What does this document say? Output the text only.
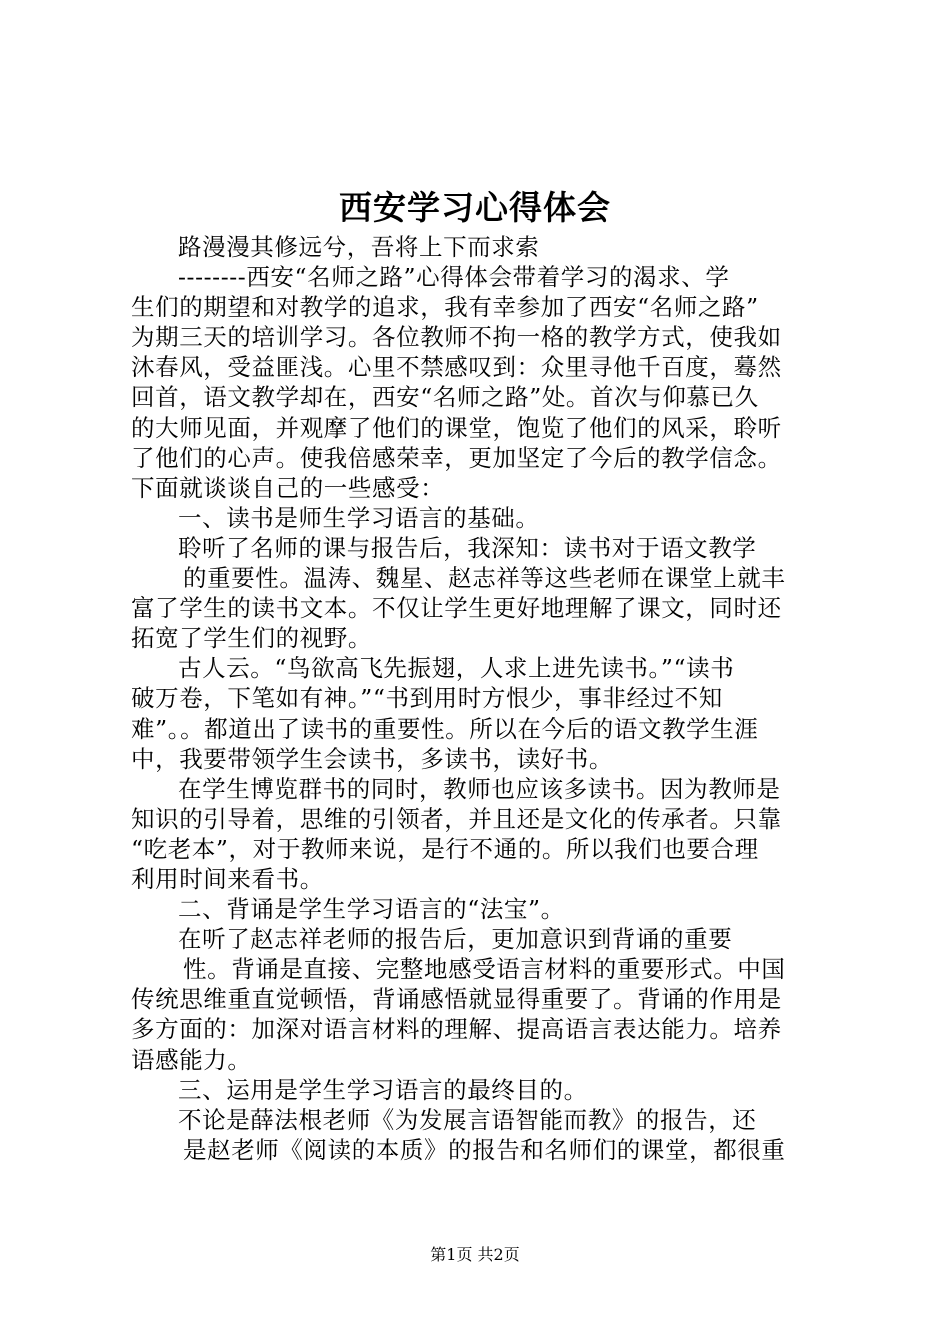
西安学习心得体会
路漫漫其修远兮，吾将上下而求索
--------西安“名师之路”心得体会带着学习的渴求、学
生们的期望和对教学的追求，我有幸参加了西安“名师之路”
为期三天的培训学习。各位教师不拘一格的教学方式，使我如
沐春风，受益匪浅。心里不禁感叹到：众里寻他千百度，蓦然
回首，语文教学却在，西安“名师之路”处。首次与仰慕已久
的大师见面，并观摩了他们的课堂，饱览了他们的风采，聆听
了他们的心声。使我倍感荣幸，更加坚定了今后的教学信念。
下面就谈谈自己的一些感受：
一、读书是师生学习语言的基础。
聆听了名师的课与报告后，我深知：读书对于语文教学
的重要性。温涛、魏星、赵志祥等这些老师在课堂上就丰
富了学生的读书文本。不仅让学生更好地理解了课文，同时还
拓宽了学生们的视野。
古人云。“鸟欲高飞先振翅，人求上进先读书。”“读书
破万卷，下笔如有神。”“书到用时方恨少，事非经过不知
难”。。都道出了读书的重要性。所以在今后的语文教学生涯
中，我要带领学生会读书，多读书，读好书。
在学生博览群书的同时，教师也应该多读书。因为教师是
知识的引导着，思维的引领者，并且还是文化的传承者。只靠
“吃老本”，对于教师来说，是行不通的。所以我们也要合理
利用时间来看书。
二、背诵是学生学习语言的“法宝”。
在听了赵志祥老师的报告后，更加意识到背诵的重要
性。背诵是直接、完整地感受语言材料的重要形式。中国
传统思维重直觉顿悟，背诵感悟就显得重要了。背诵的作用是
多方面的：加深对语言材料的理解、提高语言表达能力。培养
语感能力。
三、运用是学生学习语言的最终目的。
不论是薛法根老师《为发展言语智能而教》的报告，还
是赵老师《阅读的本质》的报告和名师们的课堂，都很重
第1页 共2页
